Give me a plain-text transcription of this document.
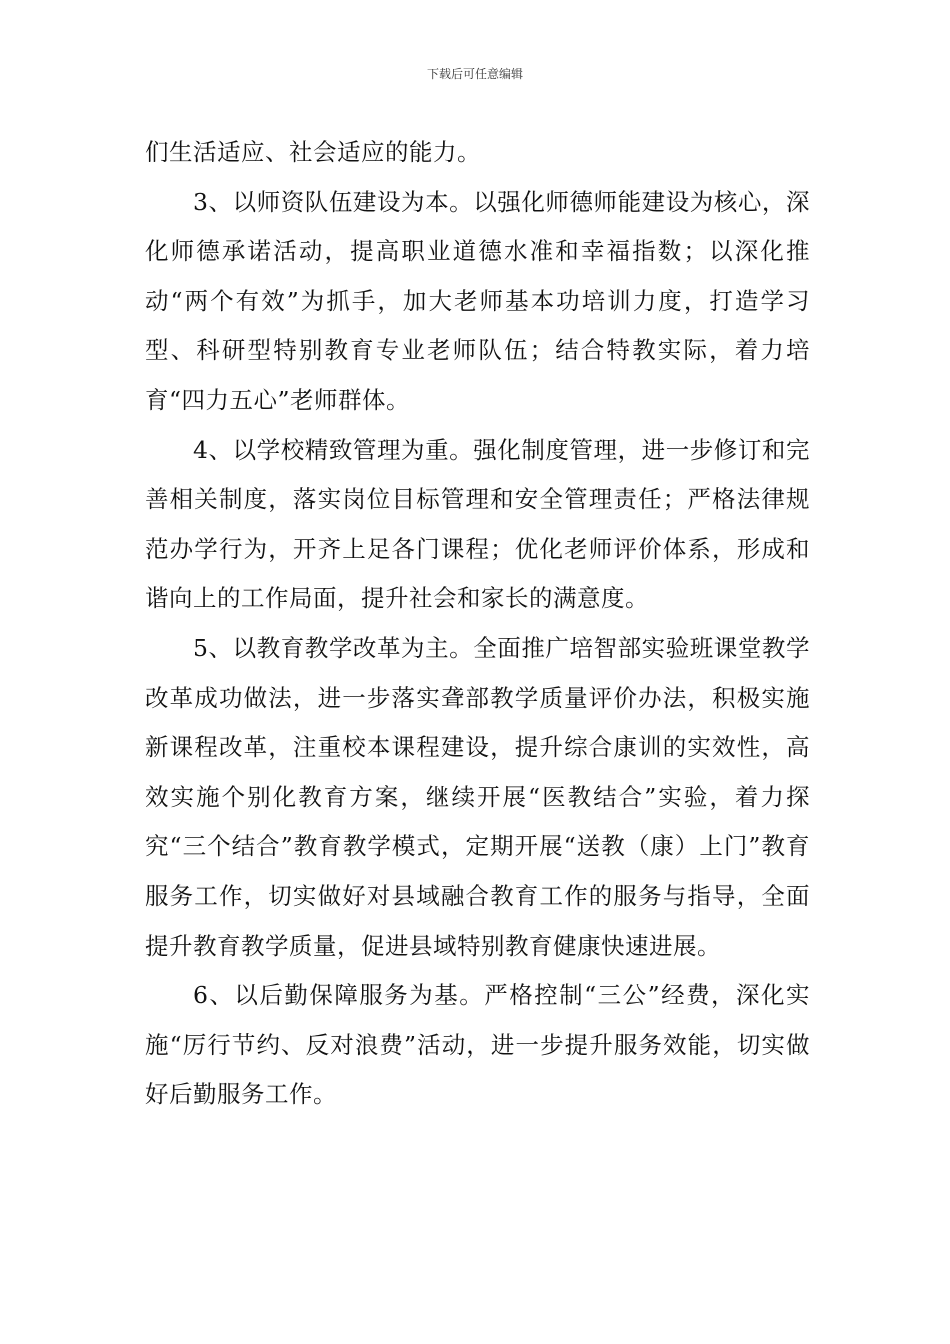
下载后可任意编辑

们生活适应、社会适应的能力。

3、以师资队伍建设为本。以强化师德师能建设为核心，深化师德承诺活动，提高职业道德水准和幸福指数；以深化推动“两个有效”为抓手，加大老师基本功培训力度，打造学习型、科研型特别教育专业老师队伍；结合特教实际，着力培育“四力五心”老师群体。

4、以学校精致管理为重。强化制度管理，进一步修订和完善相关制度，落实岗位目标管理和安全管理责任；严格法律规范办学行为，开齐上足各门课程；优化老师评价体系，形成和谐向上的工作局面，提升社会和家长的满意度。

5、以教育教学改革为主。全面推广培智部实验班课堂教学改革成功做法，进一步落实聋部教学质量评价办法，积极实施新课程改革，注重校本课程建设，提升综合康训的实效性，高效实施个别化教育方案，继续开展“医教结合”实验，着力探究“三个结合”教育教学模式，定期开展“送教（康）上门”教育服务工作，切实做好对县域融合教育工作的服务与指导，全面提升教育教学质量，促进县域特别教育健康快速进展。

6、以后勤保障服务为基。严格控制“三公”经费，深化实施“厉行节约、反对浪费”活动，进一步提升服务效能，切实做好后勤服务工作。
